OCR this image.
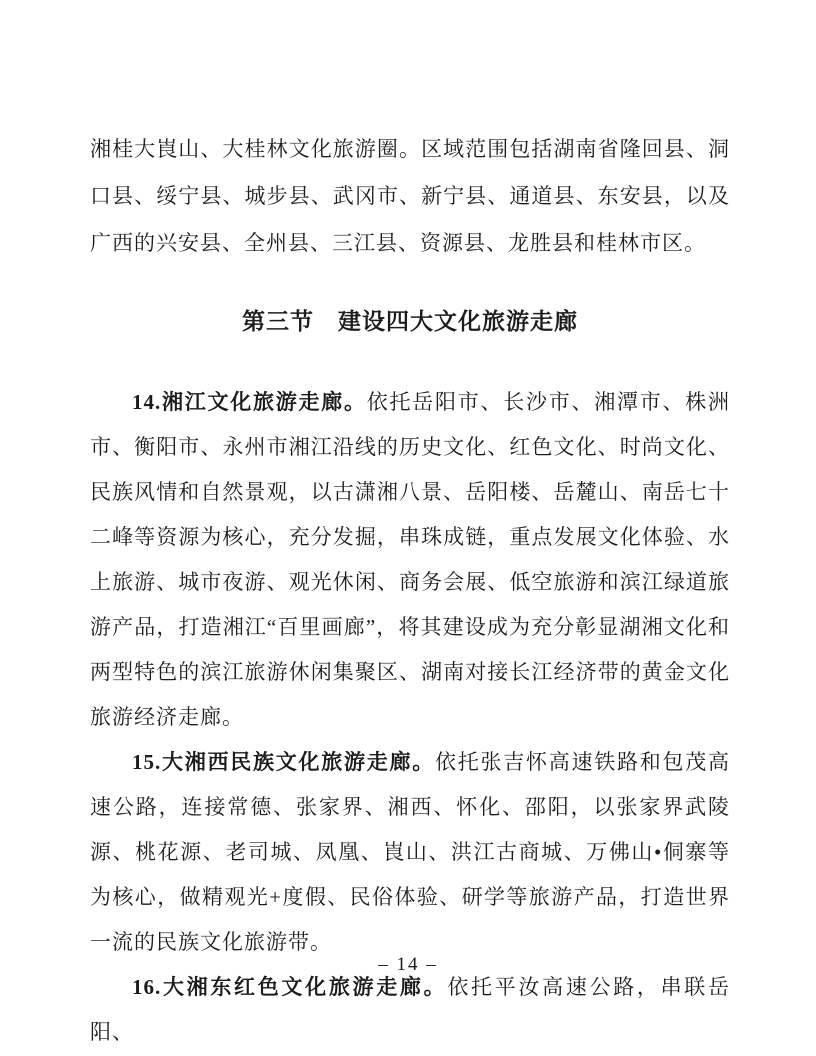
湘桂大崀山、大桂林文化旅游圈。区域范围包括湖南省隆回县、洞口县、绥宁县、城步县、武冈市、新宁县、通道县、东安县，以及广西的兴安县、全州县、三江县、资源县、龙胜县和桂林市区。

第三节　建设四大文化旅游走廊

14.湘江文化旅游走廊。依托岳阳市、长沙市、湘潭市、株洲市、衡阳市、永州市湘江沿线的历史文化、红色文化、时尚文化、民族风情和自然景观，以古潇湘八景、岳阳楼、岳麓山、南岳七十二峰等资源为核心，充分发掘，串珠成链，重点发展文化体验、水上旅游、城市夜游、观光休闲、商务会展、低空旅游和滨江绿道旅游产品，打造湘江“百里画廊”，将其建设成为充分彰显湖湘文化和两型特色的滨江旅游休闲集聚区、湖南对接长江经济带的黄金文化旅游经济走廊。

15.大湘西民族文化旅游走廊。依托张吉怀高速铁路和包茂高速公路，连接常德、张家界、湘西、怀化、邵阳，以张家界武陵源、桃花源、老司城、凤凰、崀山、洪江古商城、万佛山•侗寨等为核心，做精观光+度假、民俗体验、研学等旅游产品，打造世界一流的民族文化旅游带。

16.大湘东红色文化旅游走廊。依托平汝高速公路，串联岳阳、

– 14 –
